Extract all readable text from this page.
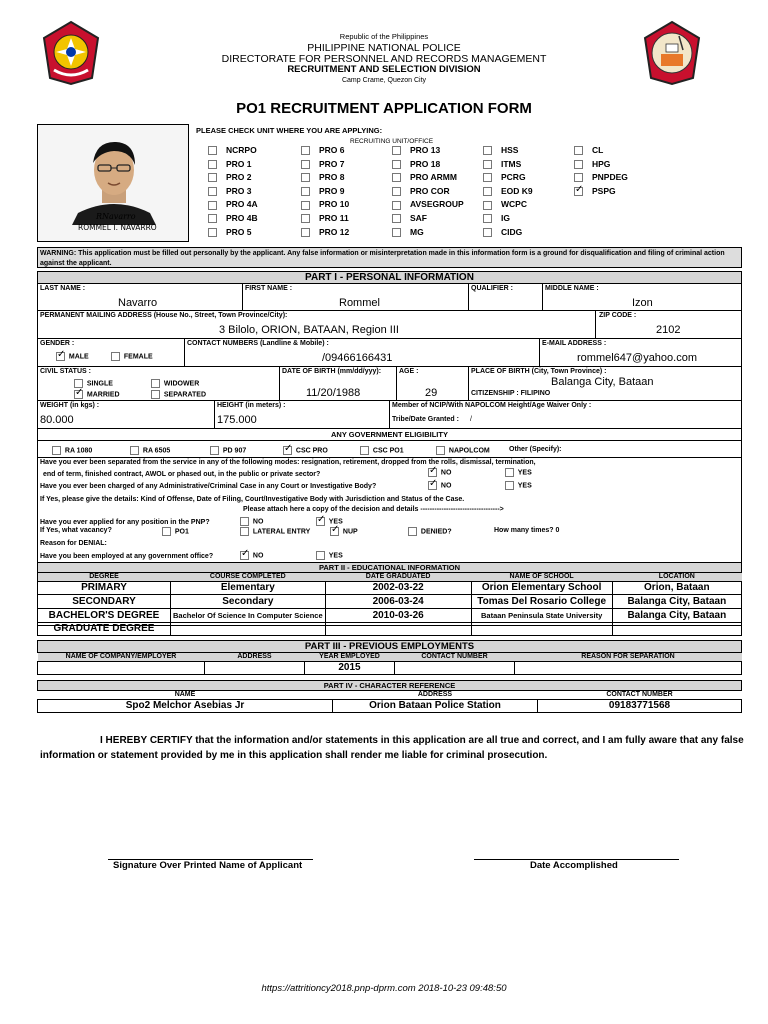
Republic of the Philippines
PHILIPPINE NATIONAL POLICE
DIRECTORATE FOR PERSONNEL AND RECORDS MANAGEMENT
RECRUITMENT AND SELECTION DIVISION
Camp Crame, Quezon City
PO1 RECRUITMENT APPLICATION FORM
RNavarro
ROMMEL I. NAVARRO
PLEASE CHECK UNIT WHERE YOU ARE APPLYING:
RECRUITING UNIT/OFFICE
NCRPO
PRO 1
PRO 2
PRO 3
PRO 4A
PRO 4B
PRO 5
PRO 6
PRO 7
PRO 8
PRO 9
PRO 10
PRO 11
PRO 12
PRO 13
PRO 18
PRO ARMM
PRO COR
AVSEGROUP
SAF
MG
HSS
ITMS
PCRG
EOD K9
WCPC
IG
CIDG
CL
HPG
PNPDEG
✓PSPG
WARNING: This application must be filled out personally by the applicant. Any false information or misinterpretation made in this information form is a ground for disqualification and filing of criminal action against the applicant.
PART I - PERSONAL INFORMATION
LAST NAME :
Navarro
FIRST NAME :
Rommel
QUALIFIER :	MIDDLE NAME :
Izon
PERMANENT MAILING ADDRESS (House No., Street, Town Province/City):
3 Bilolo, ORION, BATAAN, Region III
ZIP CODE :
2102
GENDER :
✓  MALE	FEMALE
CONTACT NUMBERS (Landline & Mobile) :
/09466166431
E-MAIL ADDRESS :
rommel647@yahoo.com
CIVIL STATUS :
SINGLE	WIDOWER
✓  MARRIED	SEPARATED
DATE OF BIRTH (mm/dd/yyy):
11/20/1988
AGE :
29
PLACE OF BIRTH (City, Town Province) :
Balanga City, Bataan
CITIZENSHIP : FILIPINO
WEIGHT (in kgs) :
80.000
HEIGHT (in meters) :
175.000
Member of NCIP/With NAPOLCOM Height/Age Waiver Only :
Tribe/Date Granted : /
ANY GOVERNMENT ELIGIBILITY
RA 1080	RA 6505	PD 907 ✓	CSC PRO	CSC PO1	NAPOLCOM	Other (Specify):
Have you ever been separated from the service in any of the following modes: resignation, retirement, dropped from the rolls, dismissal, termination,
end of term, finished contract, AWOL or phased out, in the public or private sector? ✓	NO	YES
Have you ever been charged of any Administrative/Criminal Case in any Court or Investigative Body? ✓	NO	YES
If Yes, please give the details: Kind of Offense, Date of Filing, Court/Investigative Body with Jurisdiction and Status of the Case.
Please attach here a copy of the decision and details ---------------------------------->
Have you ever applied for any position in the PNP?	NO ✓	YES
If Yes, what vacancy?	PO1	LATERAL ENTRY ✓	NUP	DENIED?	How many times? 0
Reason for DENIAL:
Have you been employed at any government office? ✓	NO	YES
PART II - EDUCATIONAL INFORMATION
DEGREE	COURSE COMPLETED	DATE GRADUATED	NAME OF SCHOOL	LOCATION
PRIMARY	Elementary	2002-03-22	Orion Elementary School	Orion, Bataan
SECONDARY	Secondary	2006-03-24	Tomas Del Rosario College	Balanga City, Bataan
BACHELOR'S DEGREE	Bachelor Of Science In Computer Science	2010-03-26	Bataan Peninsula State University	Balanga City, Bataan
GRADUATE DEGREE				
PART III - PREVIOUS EMPLOYMENTS
NAME OF COMPANY/EMPLOYER	ADDRESS	YEAR EMPLOYED	CONTACT NUMBER	REASON FOR SEPARATION
		2015		
PART IV - CHARACTER REFERENCE
NAME	ADDRESS	CONTACT NUMBER
Spo2 Melchor Asebias Jr	Orion Bataan Police Station	09183771568
I HEREBY CERTIFY that the information and/or statements in this application are all true and correct, and I am fully aware that any false information or statement provided by me in this application shall render me liable for criminal prosecution.
Signature Over Printed Name of Applicant	Date Accomplished
https://attritioncy2018.pnp-dprm.com 2018-10-23 09:48:50
